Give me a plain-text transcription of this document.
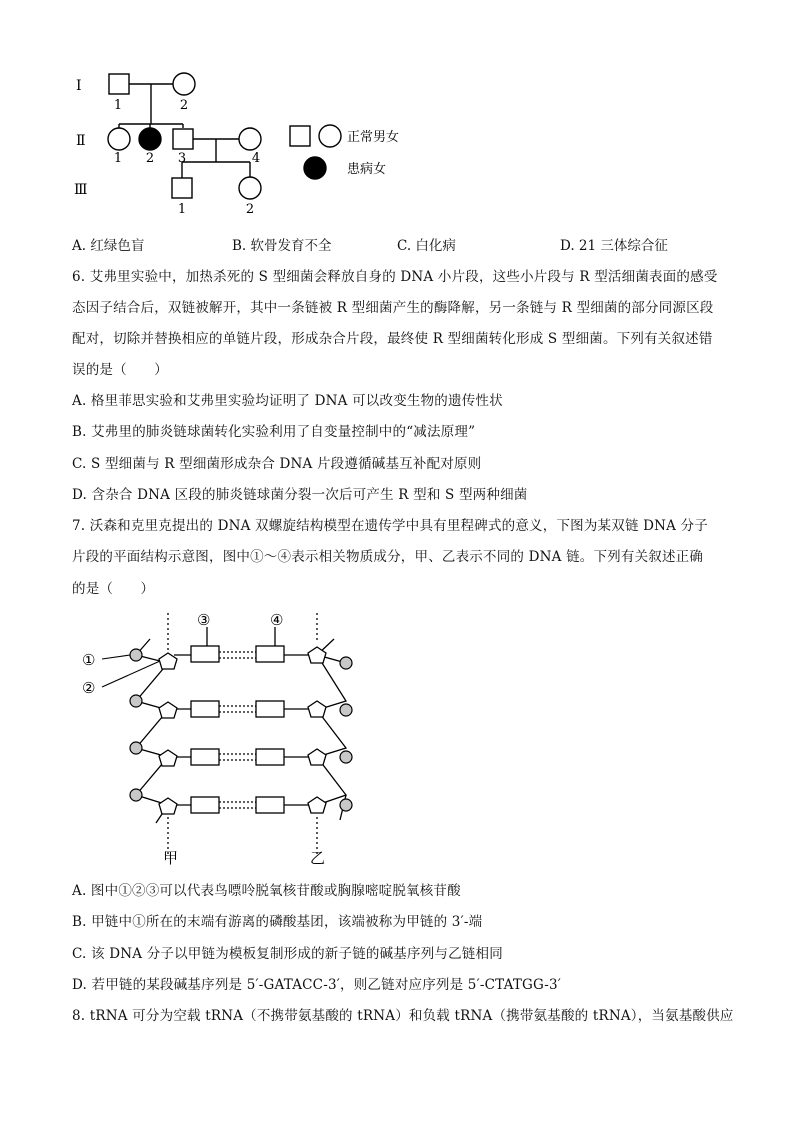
Ⅰ
Ⅱ
Ⅲ
1	2
1 2 3	4
1	2
正常男女
患病女
A. 红绿色盲	B. 软骨发育不全	C. 白化病	D. 21 三体综合征
6. 艾弗里实验中，加热杀死的 S 型细菌会释放自身的 DNA 小片段，这些小片段与 R 型活细菌表面的感受
态因子结合后，双链被解开，其中一条链被 R 型细菌产生的酶降解，另一条链与 R 型细菌的部分同源区段
配对，切除并替换相应的单链片段，形成杂合片段，最终使 R 型细菌转化形成 S 型细菌。下列有关叙述错
误的是（　　）
A. 格里菲思实验和艾弗里实验均证明了 DNA 可以改变生物的遗传性状
B. 艾弗里的肺炎链球菌转化实验利用了自变量控制中的“减法原理”
C. S 型细菌与 R 型细菌形成杂合 DNA 片段遵循碱基互补配对原则
D. 含杂合 DNA 区段的肺炎链球菌分裂一次后可产生 R 型和 S 型两种细菌
7. 沃森和克里克提出的 DNA 双螺旋结构模型在遗传学中具有里程碑式的意义，下图为某双链 DNA 分子
片段的平面结构示意图，图中①～④表示相关物质成分，甲、乙表示不同的 DNA 链。下列有关叙述正确
的是（　　）
①
②
③	④
甲	乙
A. 图中①②③可以代表鸟嘌呤脱氧核苷酸或胸腺嘧啶脱氧核苷酸
B. 甲链中①所在的末端有游离的磷酸基团，该端被称为甲链的 3′-端
C. 该 DNA 分子以甲链为模板复制形成的新子链的碱基序列与乙链相同
D. 若甲链的某段碱基序列是 5′-GATACC-3′，则乙链对应序列是 5′-CTATGG-3′
8. tRNA 可分为空载 tRNA（不携带氨基酸的 tRNA）和负载 tRNA（携带氨基酸的 tRNA），当氨基酸供应
